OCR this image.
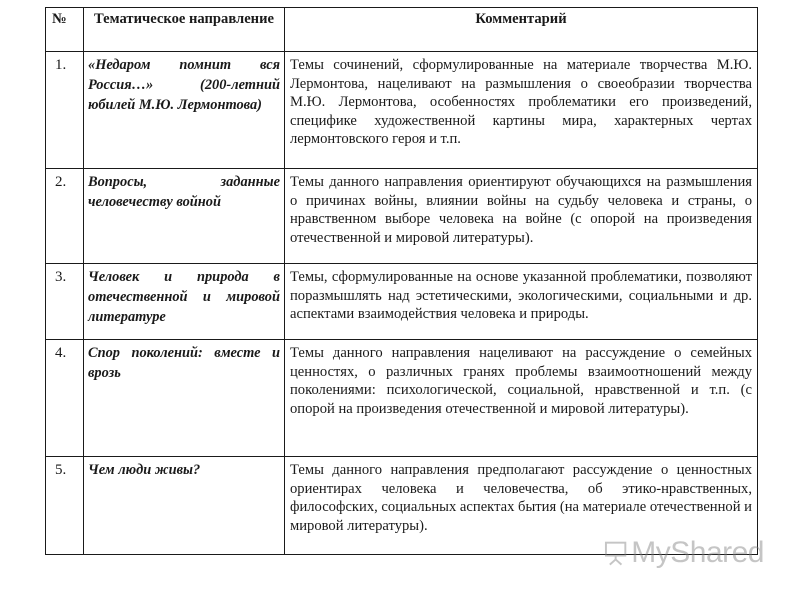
№	Тематическое направление	Комментарий
1.	«Недаром помнит вся Россия…» (200-летний юбилей М.Ю. Лермонтова)	Темы сочинений, сформулированные на материале творчества М.Ю. Лермонтова, нацеливают на размышления о своеобразии творчества М.Ю. Лермонтова, особенностях проблематики его произведений, специфике художественной картины мира, характерных чертах лермонтовского героя и т.п.
2.	Вопросы, заданные человечеству войной	Темы данного направления ориентируют обучающихся на размышления о причинах войны, влиянии войны на судьбу человека и страны, о нравственном выборе человека на войне (с опорой на произведения отечественной и мировой литературы).
3.	Человек и природа в отечественной и мировой литературе	Темы, сформулированные на основе указанной проблематики, позволяют поразмышлять над эстетическими, экологическими, социальными и др. аспектами взаимодействия человека и природы.
4.	Спор поколений: вместе и врозь	Темы данного направления нацеливают на рассуждение о семейных ценностях, о различных гранях проблемы взаимоотношений между поколениями: психологической, социальной, нравственной и т.п. (с опорой на произведения отечественной и мировой литературы).
5.	Чем люди живы?	Темы данного направления предполагают рассуждение о ценностных ориентирах человека и человечества, об этико-нравственных, философских, социальных аспектах бытия (на материале отечественной и мировой литературы).
MyShared
